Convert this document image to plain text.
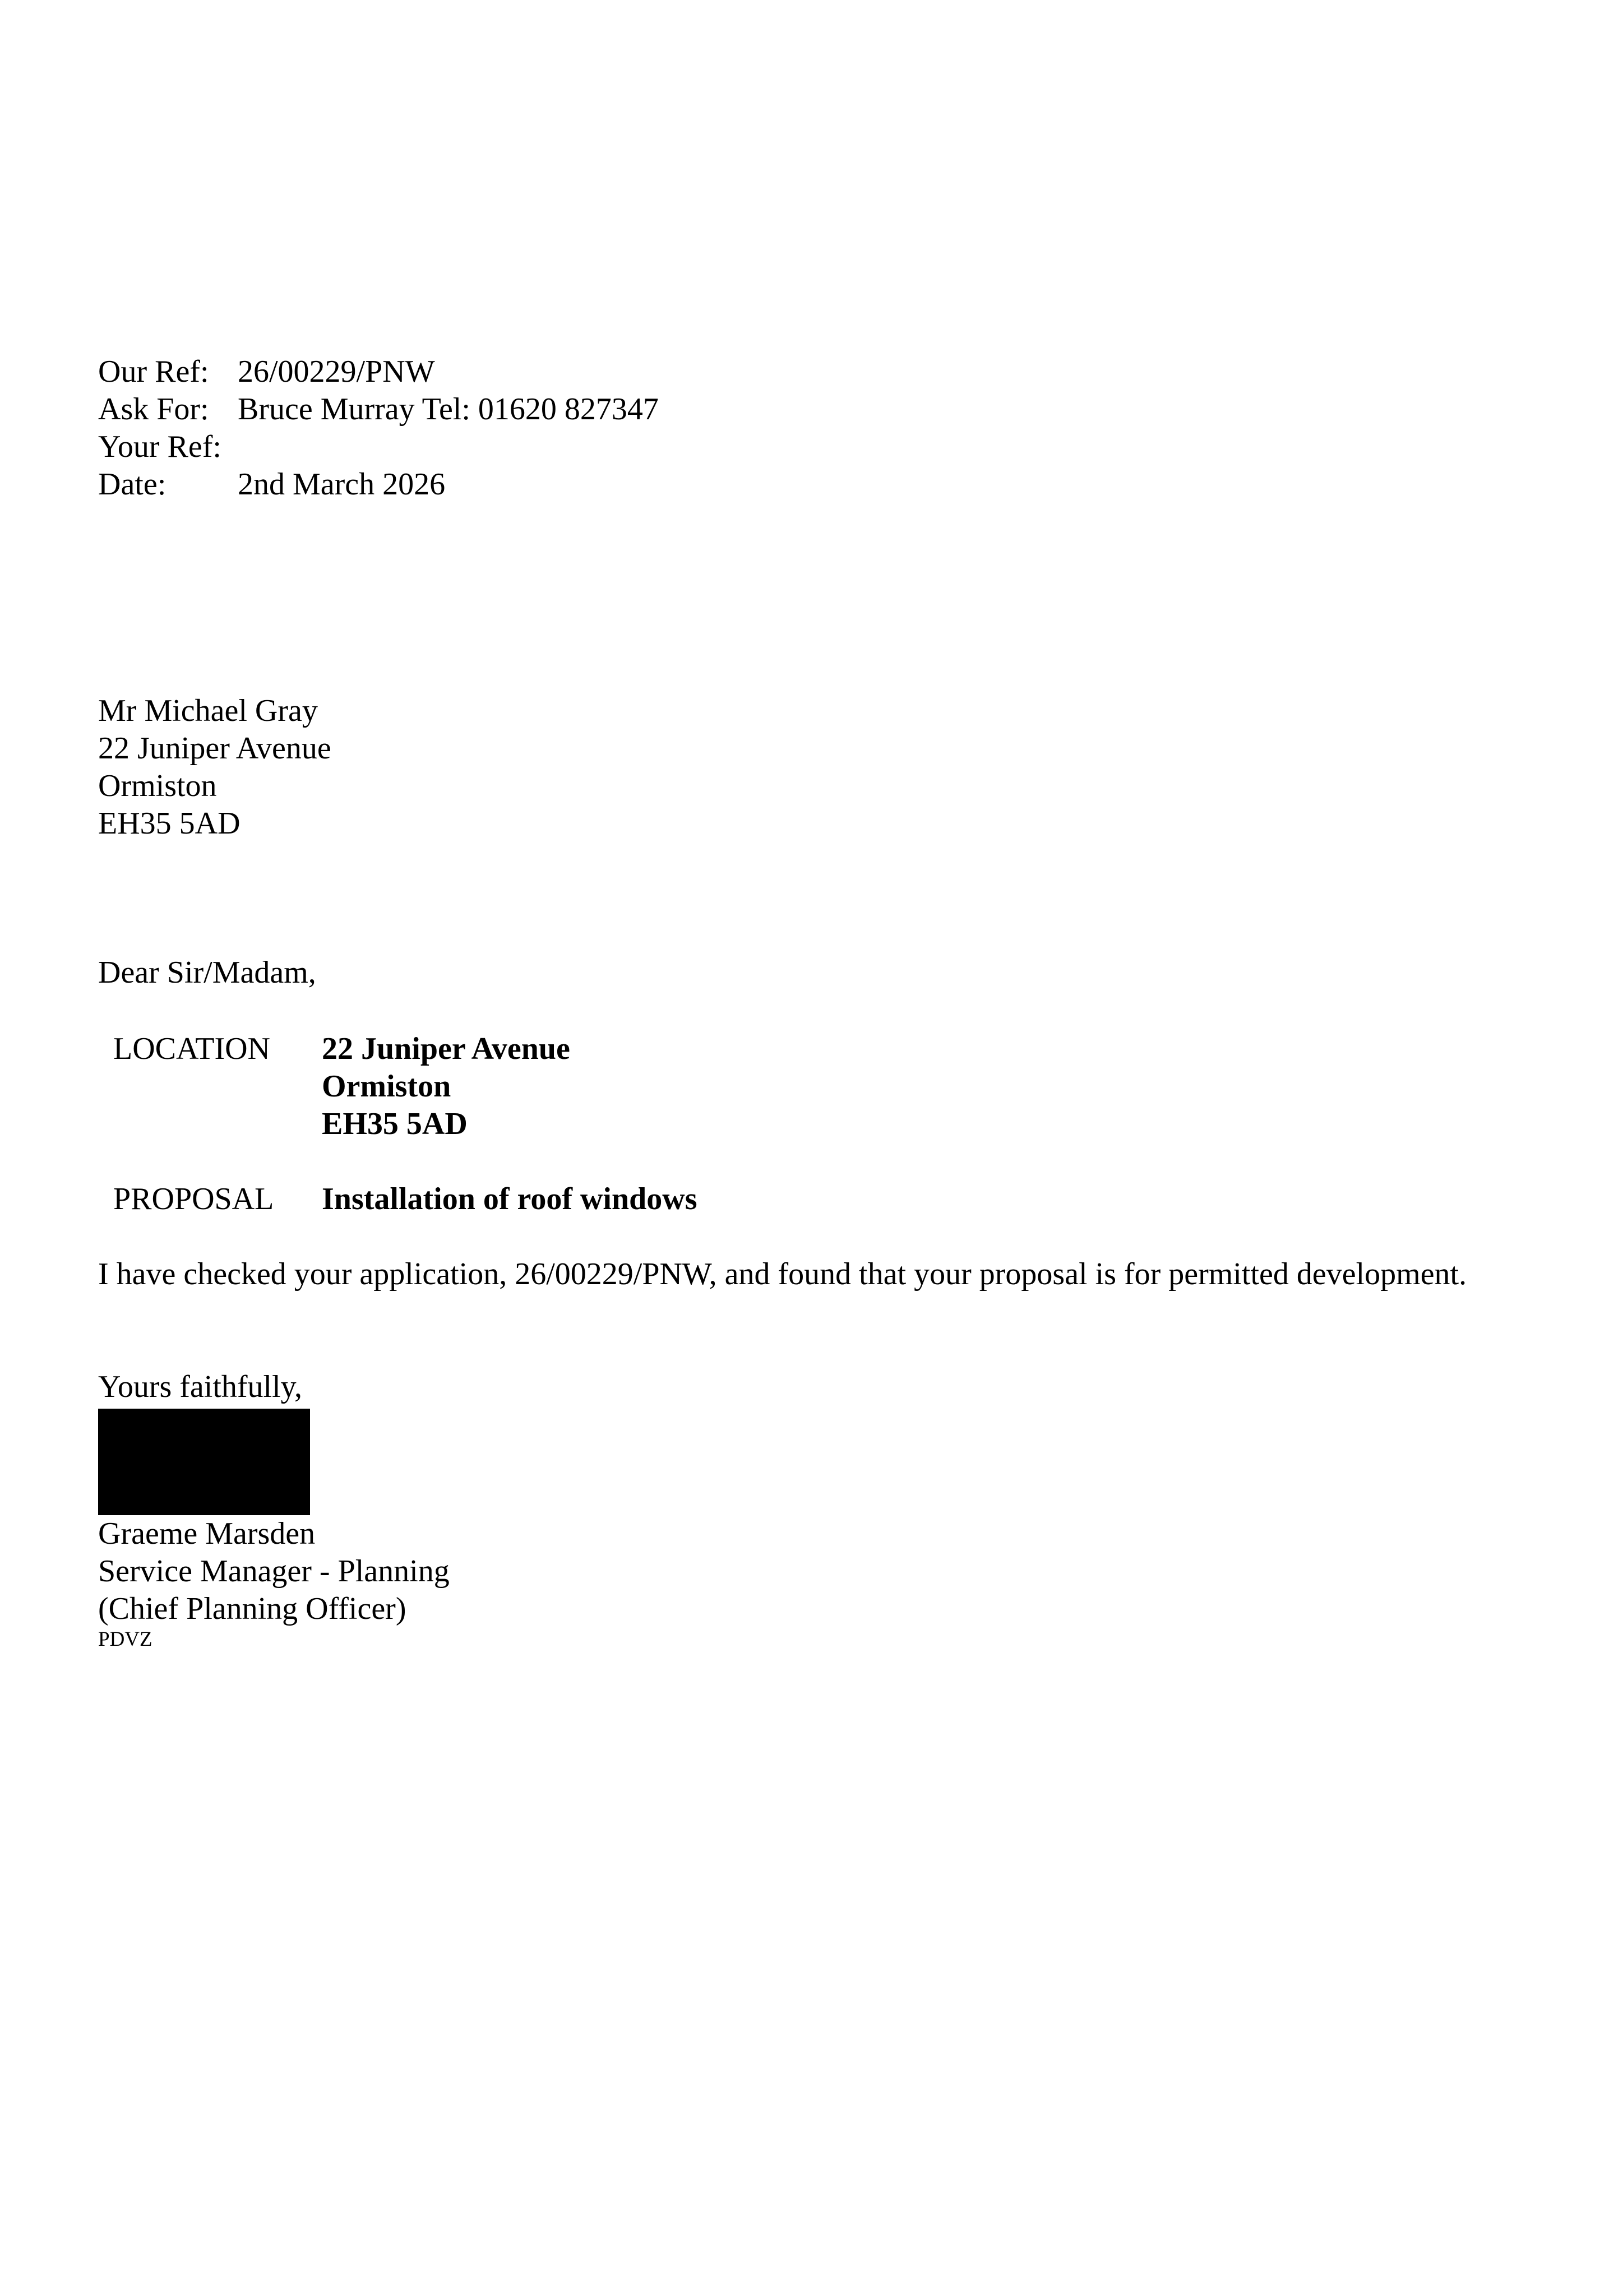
Our Ref: 26/00229/PNW

Ask For: Bruce Murray Tel: 01620 827347

Your Ref:

Date: 2nd March 2026

Mr Michael Gray

22 Juniper Avenue

Ormiston

EH35 5AD

Dear Sir/Madam,

LOCATION 22 Juniper Avenue

Ormiston

EH35 5AD

PROPOSAL Installation of roof windows

I have checked your application, 26/00229/PNW, and found that your proposal is for permitted development.

Yours faithfully,

Graeme Marsden

Service Manager - Planning

(Chief Planning Officer)

PDVZ
